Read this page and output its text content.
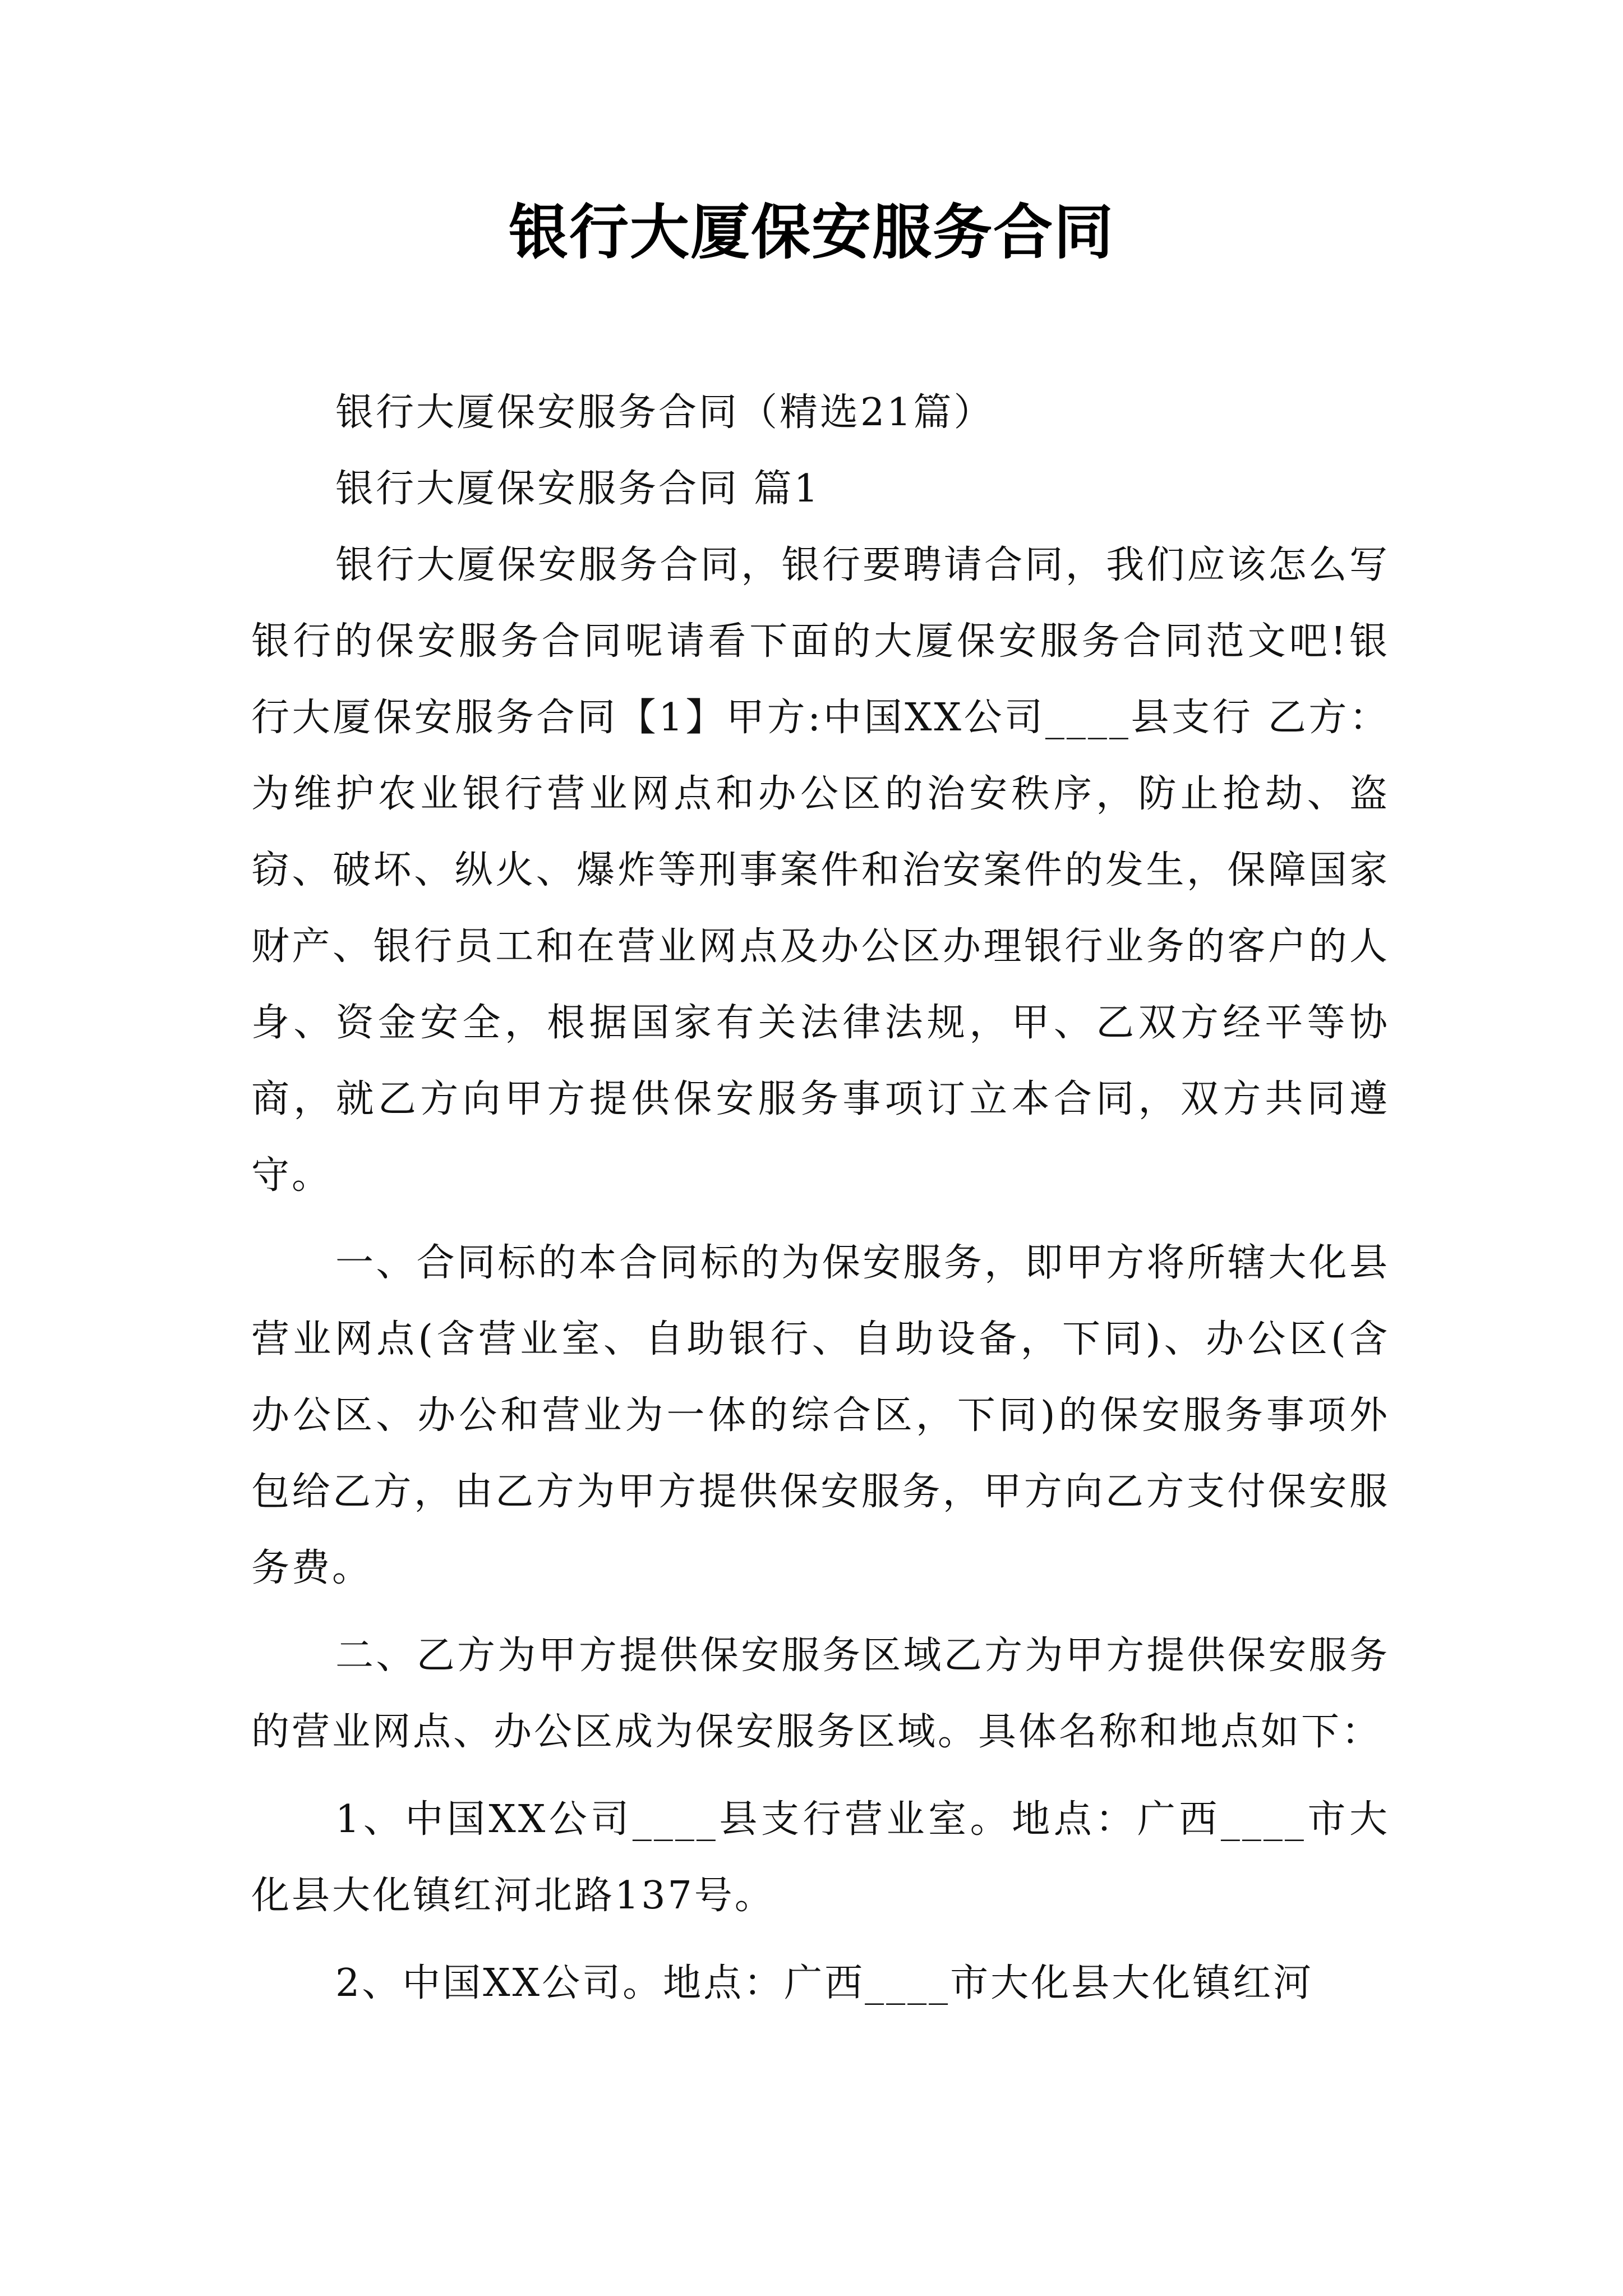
银行大厦保安服务合同

银行大厦保安服务合同（精选21篇）

银行大厦保安服务合同 篇1

银行大厦保安服务合同，银行要聘请合同，我们应该怎么写银行的保安服务合同呢请看下面的大厦保安服务合同范文吧!银行大厦保安服务合同【1】甲方:中国XX公司____县支行 乙方：为维护农业银行营业网点和办公区的治安秩序，防止抢劫、盗窃、破坏、纵火、爆炸等刑事案件和治安案件的发生，保障国家财产、银行员工和在营业网点及办公区办理银行业务的客户的人身、资金安全，根据国家有关法律法规，甲、乙双方经平等协商，就乙方向甲方提供保安服务事项订立本合同，双方共同遵守。

一、合同标的本合同标的为保安服务，即甲方将所辖大化县营业网点(含营业室、自助银行、自助设备，下同)、办公区(含办公区、办公和营业为一体的综合区，下同)的保安服务事项外包给乙方，由乙方为甲方提供保安服务，甲方向乙方支付保安服务费。

二、乙方为甲方提供保安服务区域乙方为甲方提供保安服务的营业网点、办公区成为保安服务区域。具体名称和地点如下：

1、中国XX公司____县支行营业室。地点：广西____市大化县大化镇红河北路137号。

2、中国XX公司。地点：广西____市大化县大化镇红河
